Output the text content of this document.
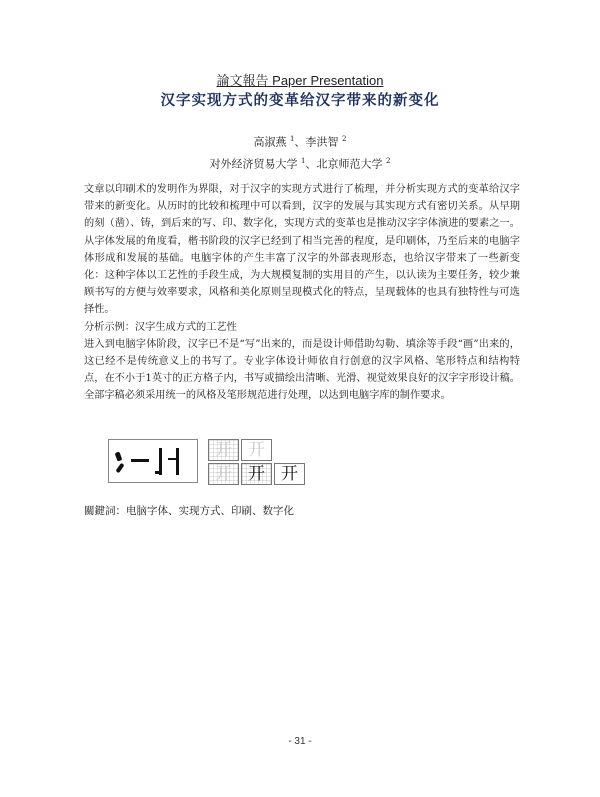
論文報告 Paper Presentation
汉字实现方式的变革给汉字带来的新变化
高淑燕 $^1$、李洪智 $^2$
对外经济贸易大学 $^1$、北京师范大学 $^2$

文章以印刷术的发明作为界限，对于汉字的实现方式进行了梳理，并分析实现方式的变革给汉字带来的新变化。从历时的比较和梳理中可以看到，汉字的发展与其实现方式有密切关系。从早期的刻（凿）、铸，到后来的写、印、数字化，实现方式的变革也是推动汉字字体演进的要素之一。从字体发展的角度看，楷书阶段的汉字已经到了相当完善的程度，是印刷体，乃至后来的电脑字体形成和发展的基础。电脑字体的产生丰富了汉字的外部表现形态，也给汉字带来了一些新变化：这种字体以工艺性的手段生成，为大规模复制的实用目的产生，以认读为主要任务，较少兼顾书写的方便与效率要求，风格和美化原则呈现模式化的特点，呈现载体的也具有独特性与可选择性。

分析示例：汉字生成方式的工艺性

进入到电脑字体阶段，汉字已不是“写”出来的，而是设计师借助勾勒、填涂等手段“画”出来的，这已经不是传统意义上的书写了。专业字体设计师依自行创意的汉字风格、笔形特点和结构特点，在不小于1英寸的正方格子内，书写或描绘出清晰、光滑、视觉效果良好的汉字字形设计稿。全部字稿必须采用统一的风格及笔形规范进行处理，以达到电脑字库的制作要求。

开 开
开 开 开
關鍵詞：电脑字体、实现方式、印刷、数字化
- 31 -
